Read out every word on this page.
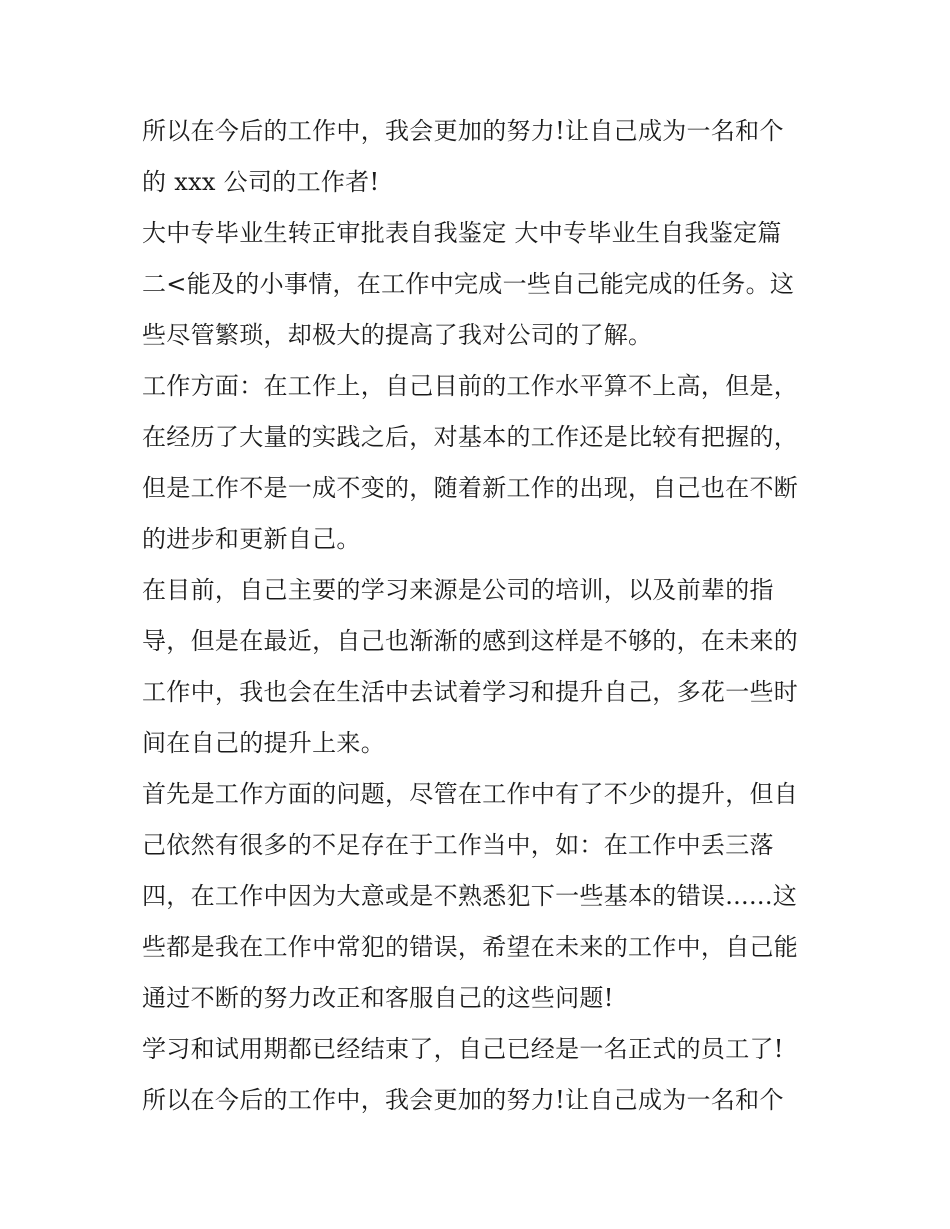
所以在今后的工作中，我会更加的努力!让自己成为一名和个
的 xxx 公司的工作者!
大中专毕业生转正审批表自我鉴定 大中专毕业生自我鉴定篇
二<能及的小事情，在工作中完成一些自己能完成的任务。这
些尽管繁琐，却极大的提高了我对公司的了解。
工作方面：在工作上，自己目前的工作水平算不上高，但是，
在经历了大量的实践之后，对基本的工作还是比较有把握的，
但是工作不是一成不变的，随着新工作的出现，自己也在不断
的进步和更新自己。
在目前，自己主要的学习来源是公司的培训，以及前辈的指
导，但是在最近，自己也渐渐的感到这样是不够的，在未来的
工作中，我也会在生活中去试着学习和提升自己，多花一些时
间在自己的提升上来。
首先是工作方面的问题，尽管在工作中有了不少的提升，但自
己依然有很多的不足存在于工作当中，如：在工作中丢三落
四，在工作中因为大意或是不熟悉犯下一些基本的错误......这
些都是我在工作中常犯的错误，希望在未来的工作中，自己能
通过不断的努力改正和客服自己的这些问题!
学习和试用期都已经结束了，自己已经是一名正式的员工了!
所以在今后的工作中，我会更加的努力!让自己成为一名和个
